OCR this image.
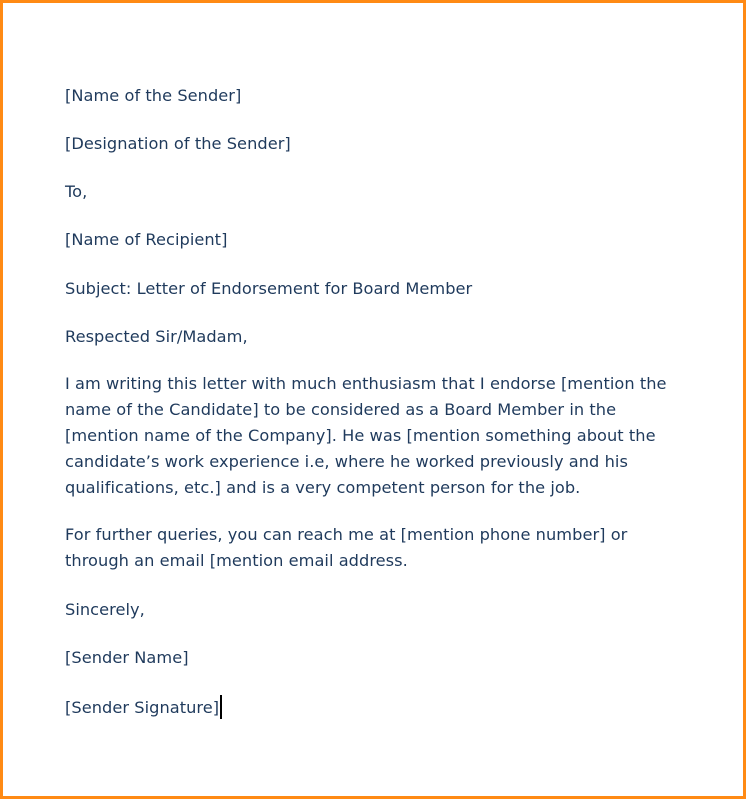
[Name of the Sender]
[Designation of the Sender]
To,
[Name of Recipient]
Subject: Letter of Endorsement for Board Member
Respected Sir/Madam,
I am writing this letter with much enthusiasm that I endorse [mention the
name of the Candidate] to be considered as a Board Member in the
[mention name of the Company]. He was [mention something about the
candidate’s work experience i.e, where he worked previously and his
qualifications, etc.] and is a very competent person for the job.
For further queries, you can reach me at [mention phone number] or
through an email [mention email address.
Sincerely,
[Sender Name]
[Sender Signature]
